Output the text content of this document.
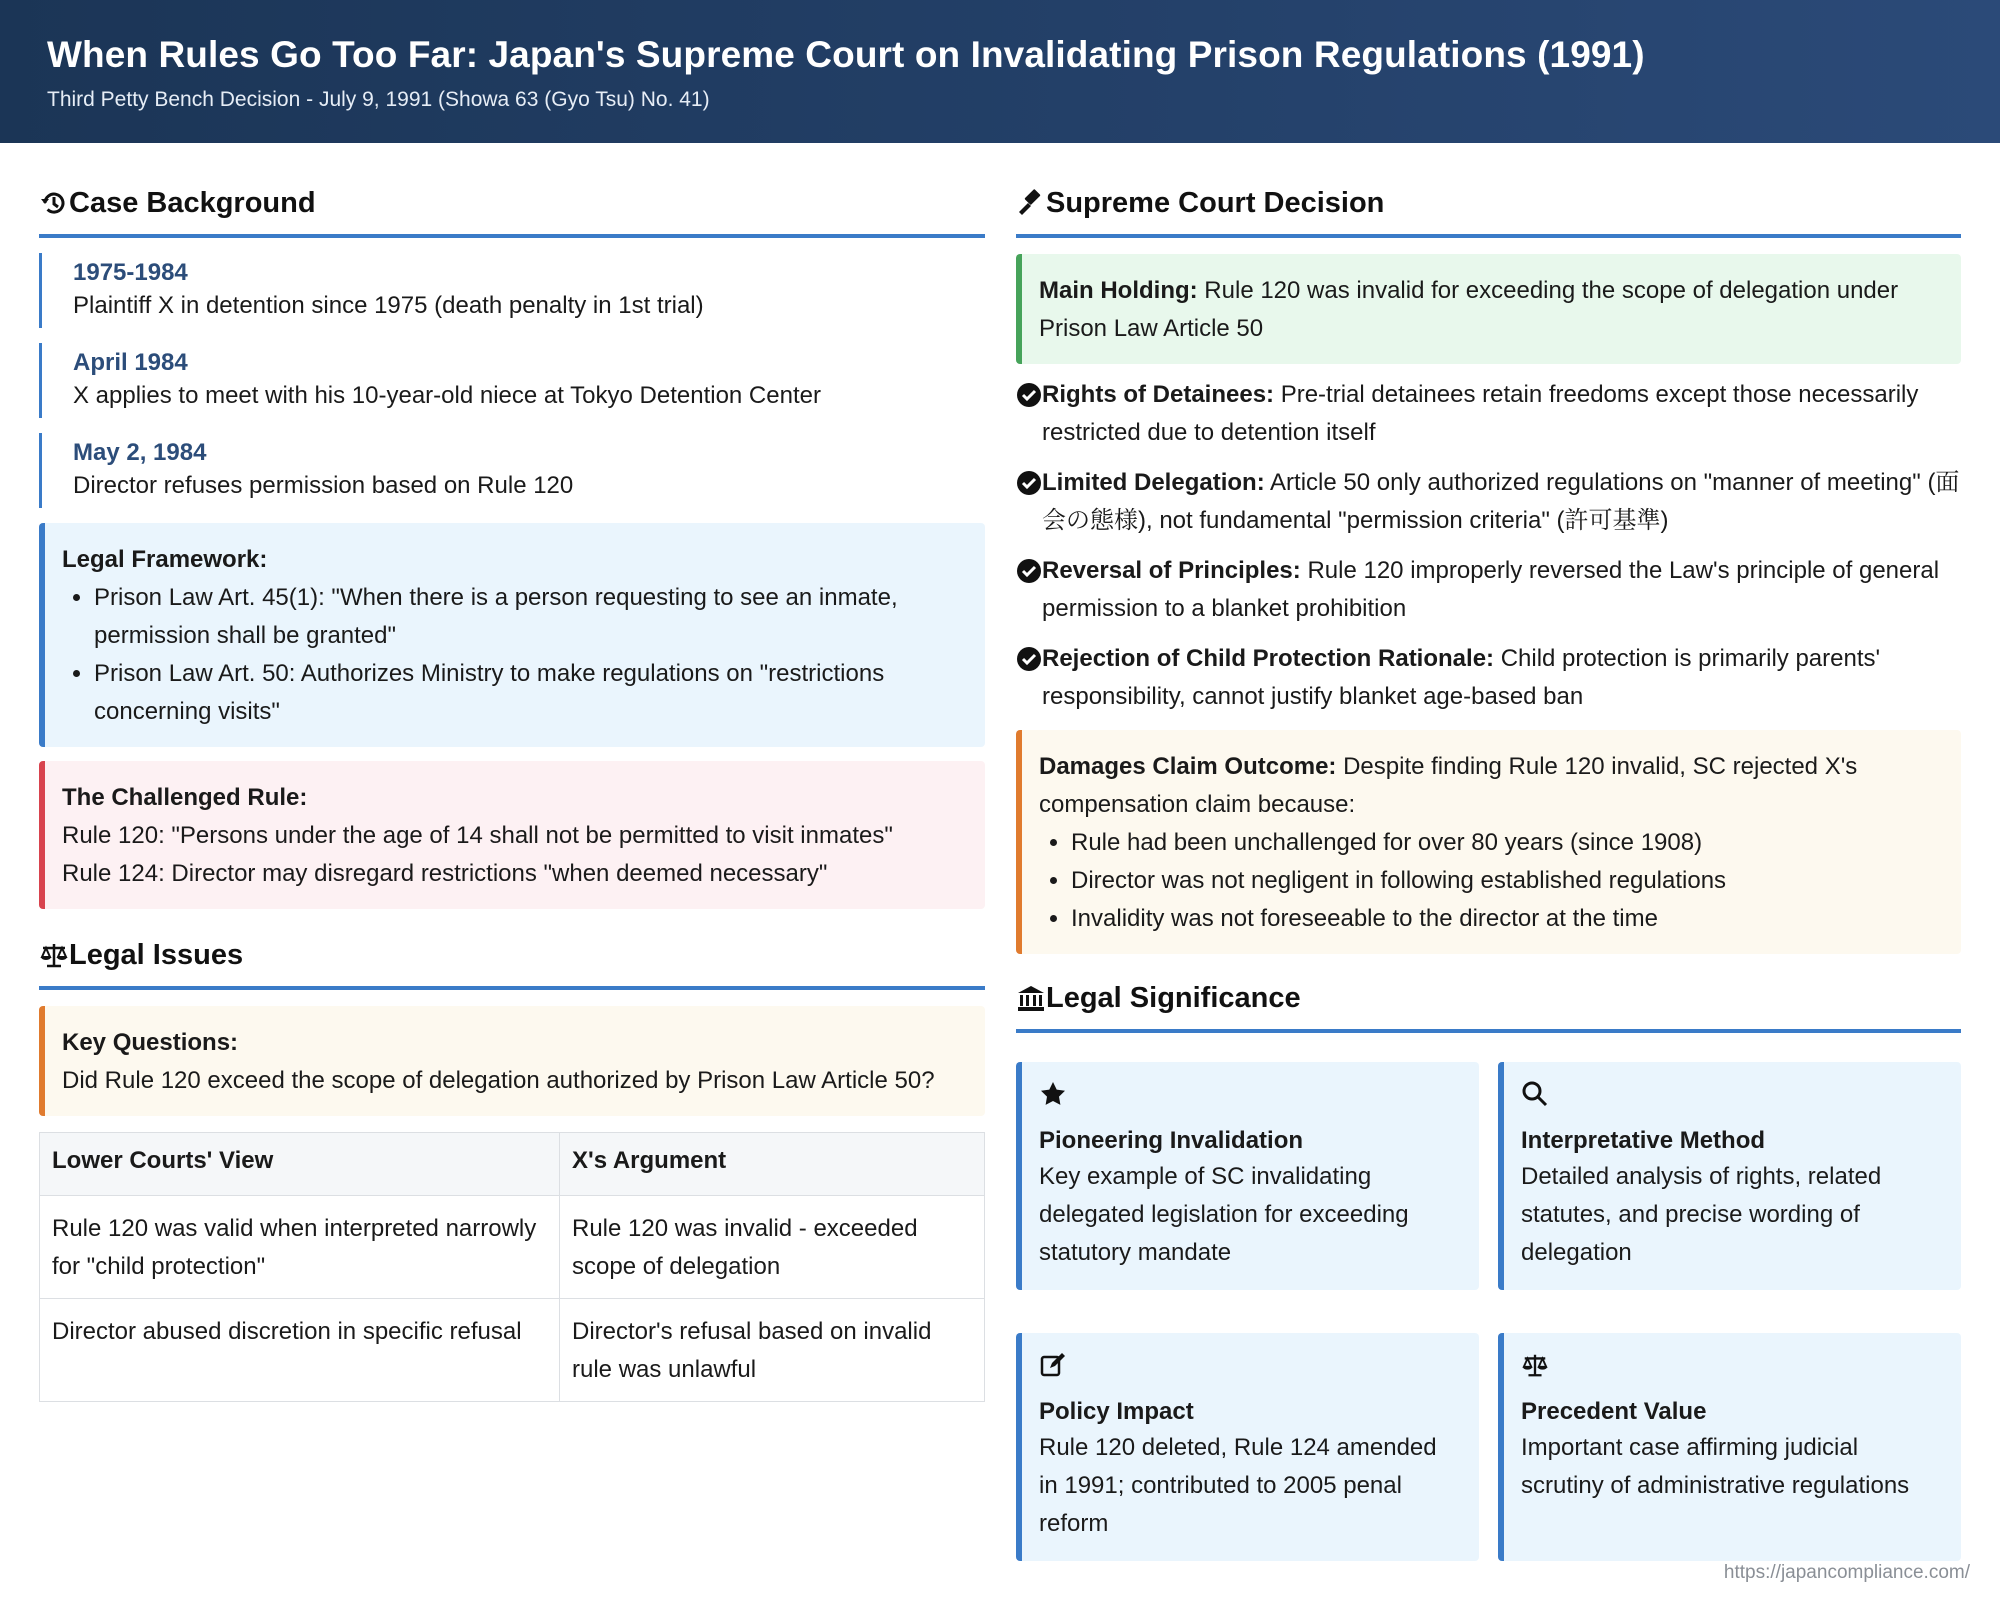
When Rules Go Too Far: Japan's Supreme Court on Invalidating Prison Regulations (1991)
Third Petty Bench Decision - July 9, 1991 (Showa 63 (Gyo Tsu) No. 41)
Case Background
1975-1984
Plaintiff X in detention since 1975 (death penalty in 1st trial)
April 1984
X applies to meet with his 10-year-old niece at Tokyo Detention Center
May 2, 1984
Director refuses permission based on Rule 120
Legal Framework:
• Prison Law Art. 45(1): "When there is a person requesting to see an inmate, permission shall be granted"
• Prison Law Art. 50: Authorizes Ministry to make regulations on "restrictions concerning visits"
The Challenged Rule:
Rule 120: "Persons under the age of 14 shall not be permitted to visit inmates"
Rule 124: Director may disregard restrictions "when deemed necessary"
Legal Issues
Key Questions:
Did Rule 120 exceed the scope of delegation authorized by Prison Law Article 50?
Lower Courts' View	X's Argument
Rule 120 was valid when interpreted narrowly for "child protection"	Rule 120 was invalid - exceeded scope of delegation
Director abused discretion in specific refusal	Director's refusal based on invalid rule was unlawful
Supreme Court Decision
Main Holding: Rule 120 was invalid for exceeding the scope of delegation under Prison Law Article 50
Rights of Detainees: Pre-trial detainees retain freedoms except those necessarily restricted due to detention itself
Limited Delegation: Article 50 only authorized regulations on "manner of meeting" (面会の態様), not fundamental "permission criteria" (許可基準)
Reversal of Principles: Rule 120 improperly reversed the Law's principle of general permission to a blanket prohibition
Rejection of Child Protection Rationale: Child protection is primarily parents' responsibility, cannot justify blanket age-based ban
Damages Claim Outcome: Despite finding Rule 120 invalid, SC rejected X's compensation claim because:
• Rule had been unchallenged for over 80 years (since 1908)
• Director was not negligent in following established regulations
• Invalidity was not foreseeable to the director at the time
Legal Significance
Pioneering Invalidation
Key example of SC invalidating delegated legislation for exceeding statutory mandate
Interpretative Method
Detailed analysis of rights, related statutes, and precise wording of delegation
Policy Impact
Rule 120 deleted, Rule 124 amended in 1991; contributed to 2005 penal reform
Precedent Value
Important case affirming judicial scrutiny of administrative regulations
https://japancompliance.com/
